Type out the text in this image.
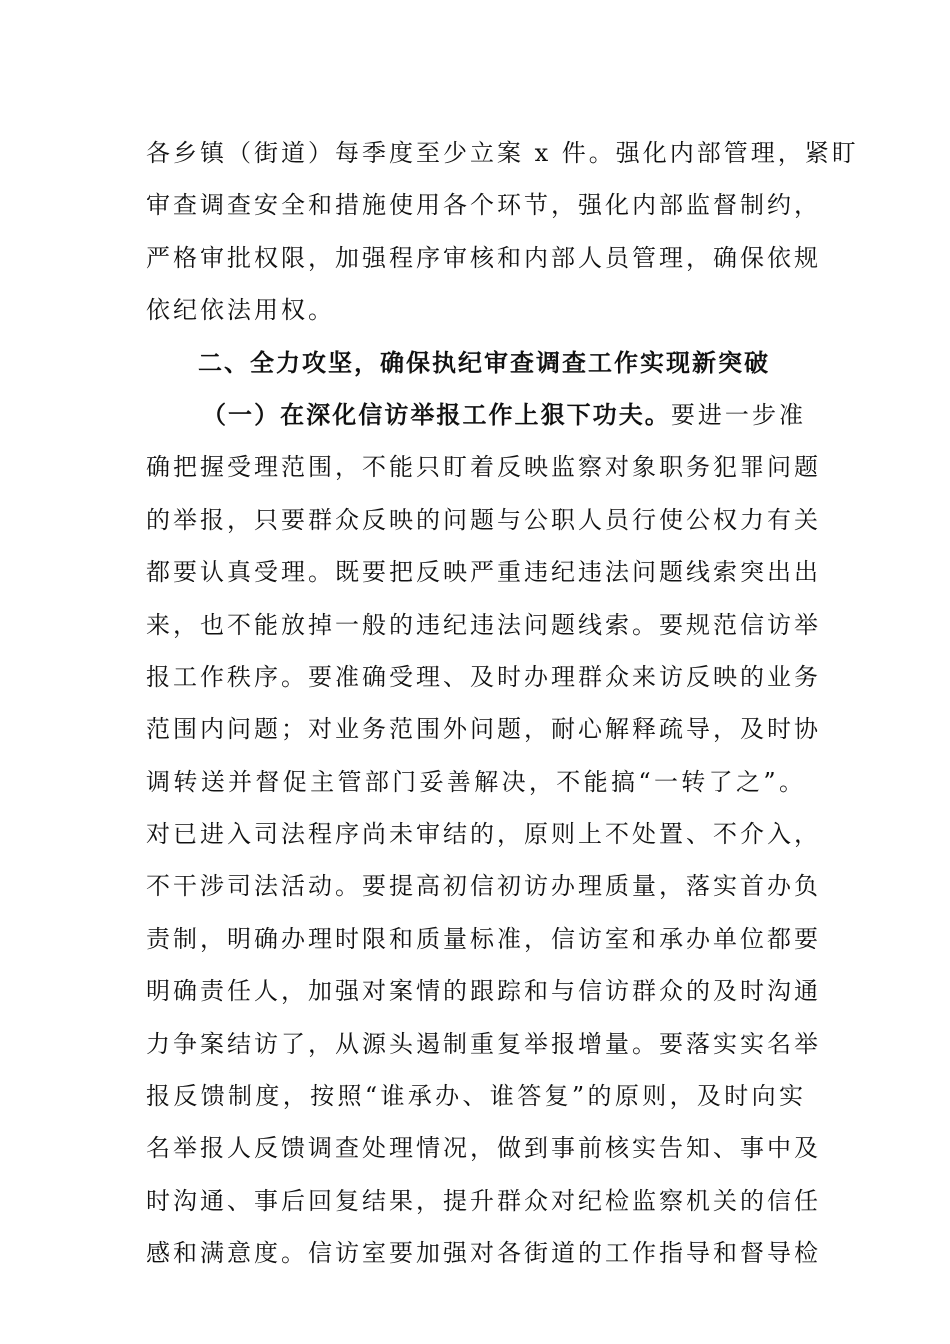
各乡镇（街道）每季度至少立案 x 件。强化内部管理，紧盯
审查调查安全和措施使用各个环节，强化内部监督制约，
严格审批权限，加强程序审核和内部人员管理，确保依规
依纪依法用权。
二、全力攻坚，确保执纪审查调查工作实现新突破
（一）在深化信访举报工作上狠下功夫。要进一步准
确把握受理范围，不能只盯着反映监察对象职务犯罪问题
的举报，只要群众反映的问题与公职人员行使公权力有关
都要认真受理。既要把反映严重违纪违法问题线索突出出
来，也不能放掉一般的违纪违法问题线索。要规范信访举
报工作秩序。要准确受理、及时办理群众来访反映的业务
范围内问题；对业务范围外问题，耐心解释疏导，及时协
调转送并督促主管部门妥善解决，不能搞“一转了之”。
对已进入司法程序尚未审结的，原则上不处置、不介入，
不干涉司法活动。要提高初信初访办理质量，落实首办负
责制，明确办理时限和质量标准，信访室和承办单位都要
明确责任人，加强对案情的跟踪和与信访群众的及时沟通
力争案结访了，从源头遏制重复举报增量。要落实实名举
报反馈制度，按照“谁承办、谁答复”的原则，及时向实
名举报人反馈调查处理情况，做到事前核实告知、事中及
时沟通、事后回复结果，提升群众对纪检监察机关的信任
感和满意度。信访室要加强对各街道的工作指导和督导检
